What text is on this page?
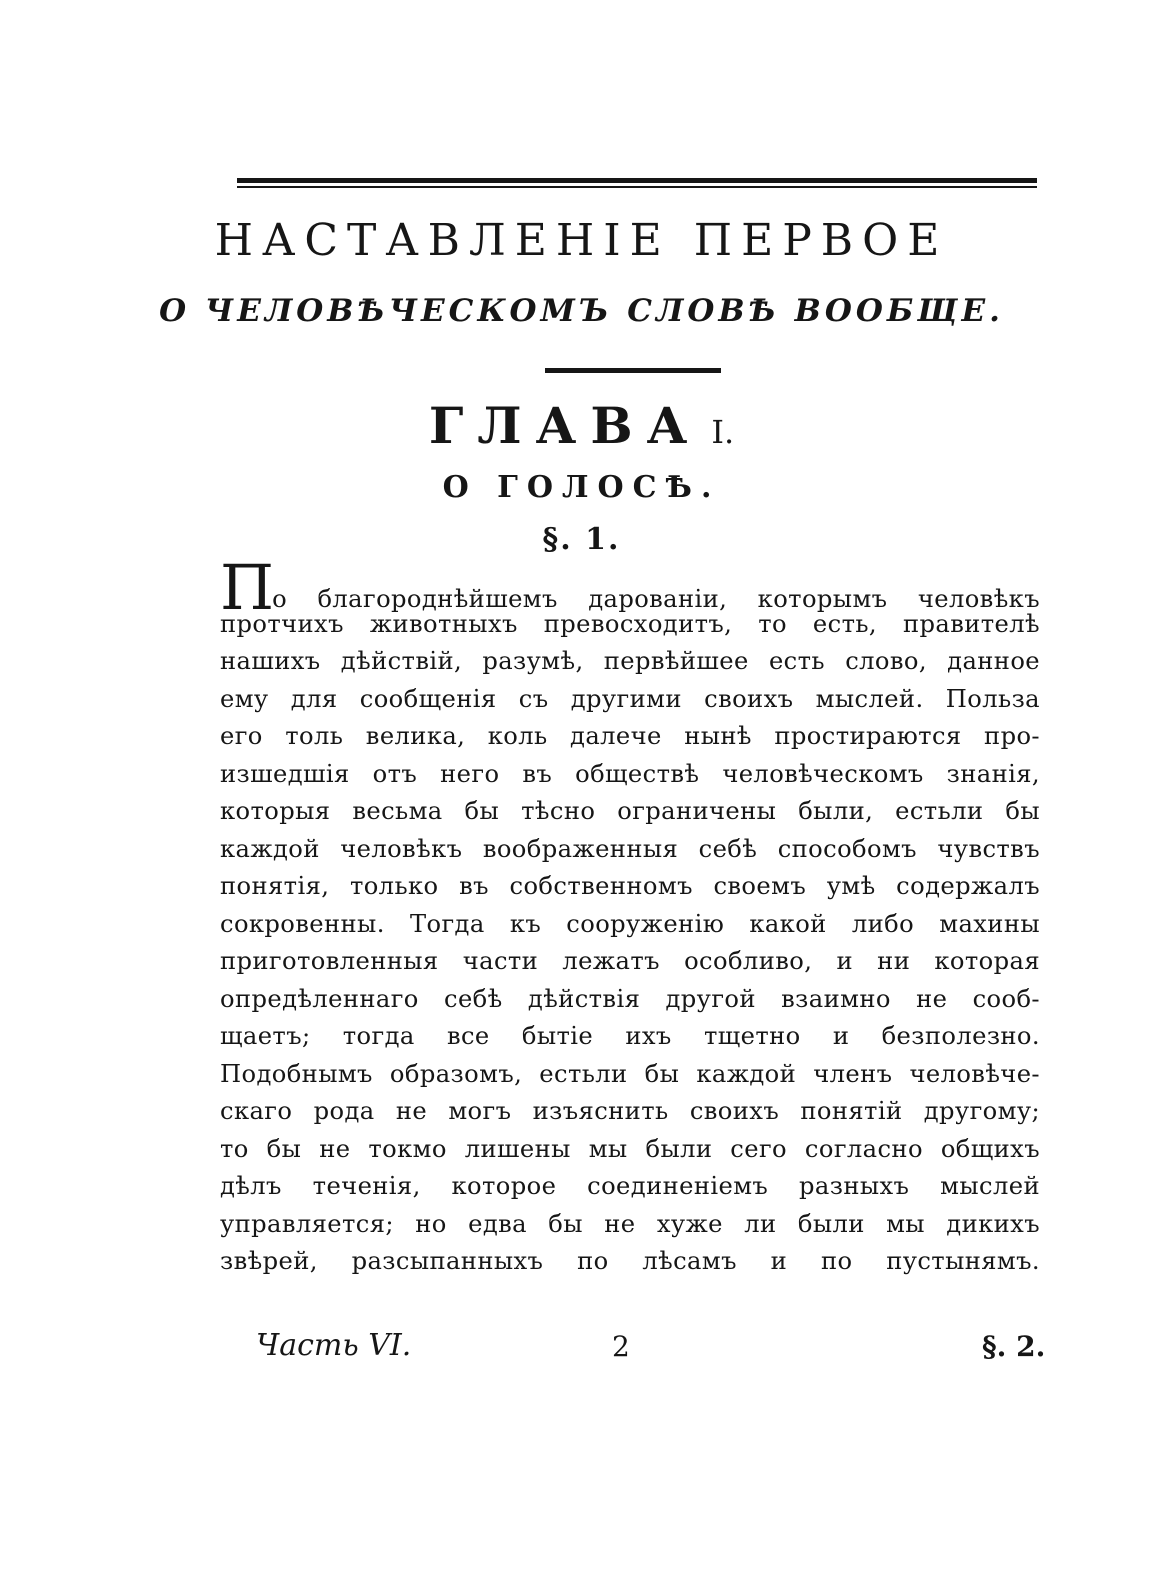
НАСТАВЛЕНІЕ ПЕРВОЕ
О ЧЕЛОВѢЧЕСКОМЪ СЛОВѢ ВООБЩЕ.
ГЛАВА I.
О ГОЛОСѢ.
§. 1.
По благороднѣйшемъ дарованіи, которымъ человѣкъ
протчихъ животныхъ превосходитъ, то есть, правителѣ
нашихъ дѣйствій, разумѣ, первѣйшее есть слово, данное
ему для сообщенія съ другими своихъ мыслей. Польза
его толь велика, коль далече нынѣ простираются про-
изшедшія отъ него въ обществѣ человѣческомъ знанія,
которыя весьма бы тѣсно ограничены были, естьли бы
каждой человѣкъ воображенныя себѣ способомъ чувствъ
понятія, только въ собственномъ своемъ умѣ содержалъ
сокровенны. Тогда къ сооруженію какой либо махины
приготовленныя части лежатъ особливо, и ни которая
опредѣленнаго себѣ дѣйствія другой взаимно не сооб-
щаетъ; тогда все бытіе ихъ тщетно и безполезно.
Подобнымъ образомъ, естьли бы каждой членъ человѣче-
скаго рода не могъ изъяснить своихъ понятій другому;
то бы не токмо лишены мы были сего согласно общихъ
дѣлъ теченія, которое соединеніемъ разныхъ мыслей
управляется; но едва бы не хуже ли были мы дикихъ
звѣрей, разсыпанныхъ по лѣсамъ и по пустынямъ.
Часть VI.	2	§. 2.
